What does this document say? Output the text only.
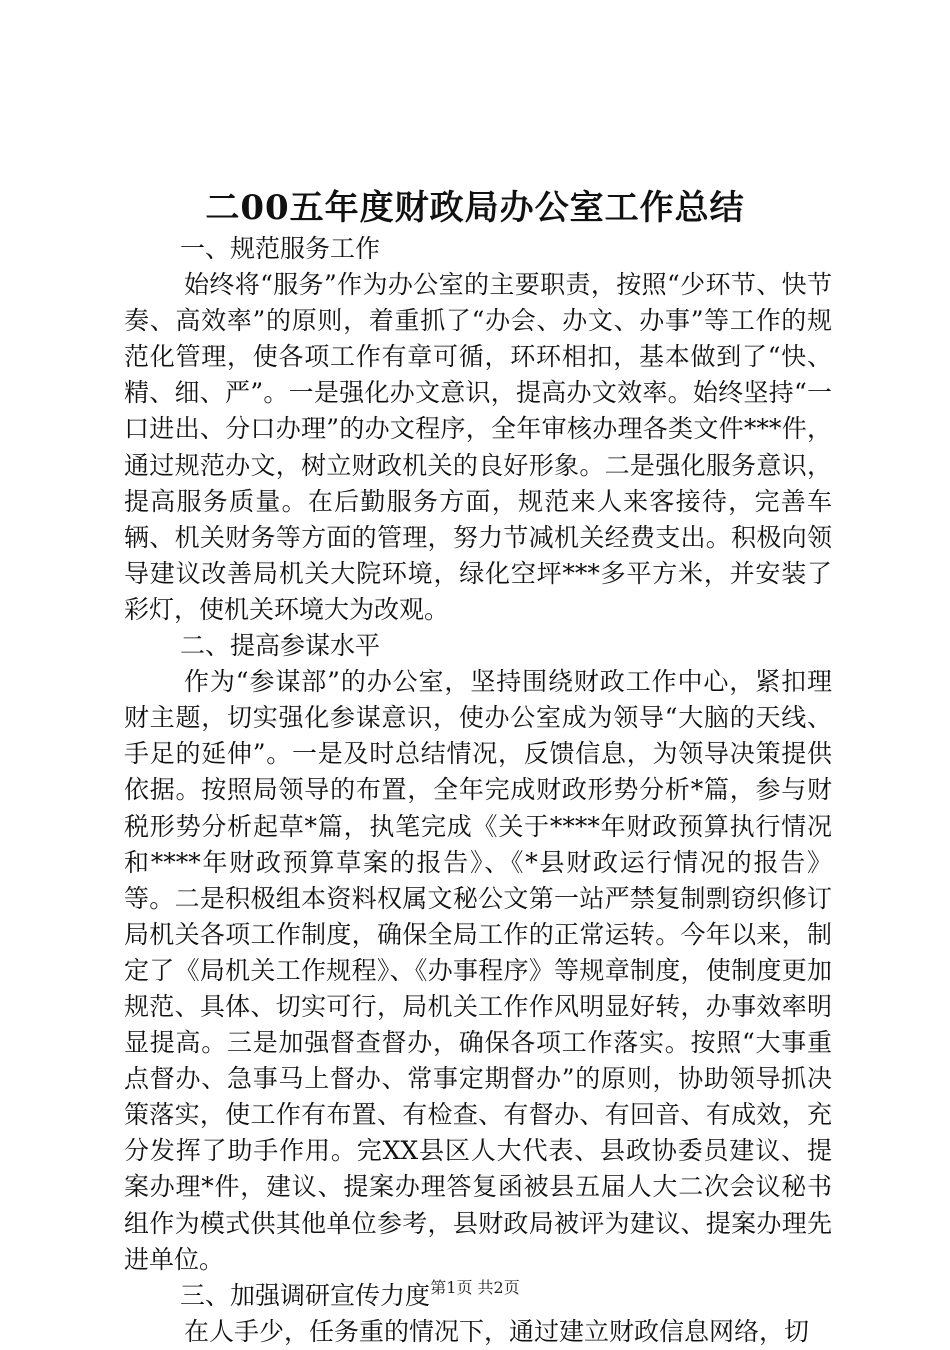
二00五年度财政局办公室工作总结
一、规范服务工作

始终将“服务”作为办公室的主要职责，按照“少环节、快节奏、高效率”的原则，着重抓了“办会、办文、办事”等工作的规范化管理，使各项工作有章可循，环环相扣，基本做到了“快、精、细、严”。一是强化办文意识，提高办文效率。始终坚持“一口进出、分口办理”的办文程序，全年审核办理各类文件***件，通过规范办文，树立财政机关的良好形象。二是强化服务意识，提高服务质量。在后勤服务方面，规范来人来客接待，完善车辆、机关财务等方面的管理，努力节减机关经费支出。积极向领导建议改善局机关大院环境，绿化空坪***多平方米，并安装了彩灯，使机关环境大为改观。

二、提高参谋水平

作为“参谋部”的办公室，坚持围绕财政工作中心，紧扣理财主题，切实强化参谋意识，使办公室成为领导“大脑的天线、手足的延伸”。一是及时总结情况，反馈信息，为领导决策提供依据。按照局领导的布置，全年完成财政形势分析*篇，参与财税形势分析起草*篇，执笔完成《关于****年财政预算执行情况和****年财政预算草案的报告》、《*县财政运行情况的报告》等。二是积极组本资料权属文秘公文第一站严禁复制剽窃织修订局机关各项工作制度，确保全局工作的正常运转。今年以来，制定了《局机关工作规程》、《办事程序》等规章制度，使制度更加规范、具体、切实可行，局机关工作作风明显好转，办事效率明显提高。三是加强督查督办，确保各项工作落实。按照“大事重点督办、急事马上督办、常事定期督办”的原则，协助领导抓决策落实，使工作有布置、有检查、有督办、有回音、有成效，充分发挥了助手作用。完XX县区人大代表、县政协委员建议、提案办理*件，建议、提案办理答复函被县五届人大二次会议秘书组作为模式供其他单位参考，县财政局被评为建议、提案办理先进单位。

三、加强调研宣传力度

在人手少，任务重的情况下，通过建立财政信息网络，切

第1页 共2页
